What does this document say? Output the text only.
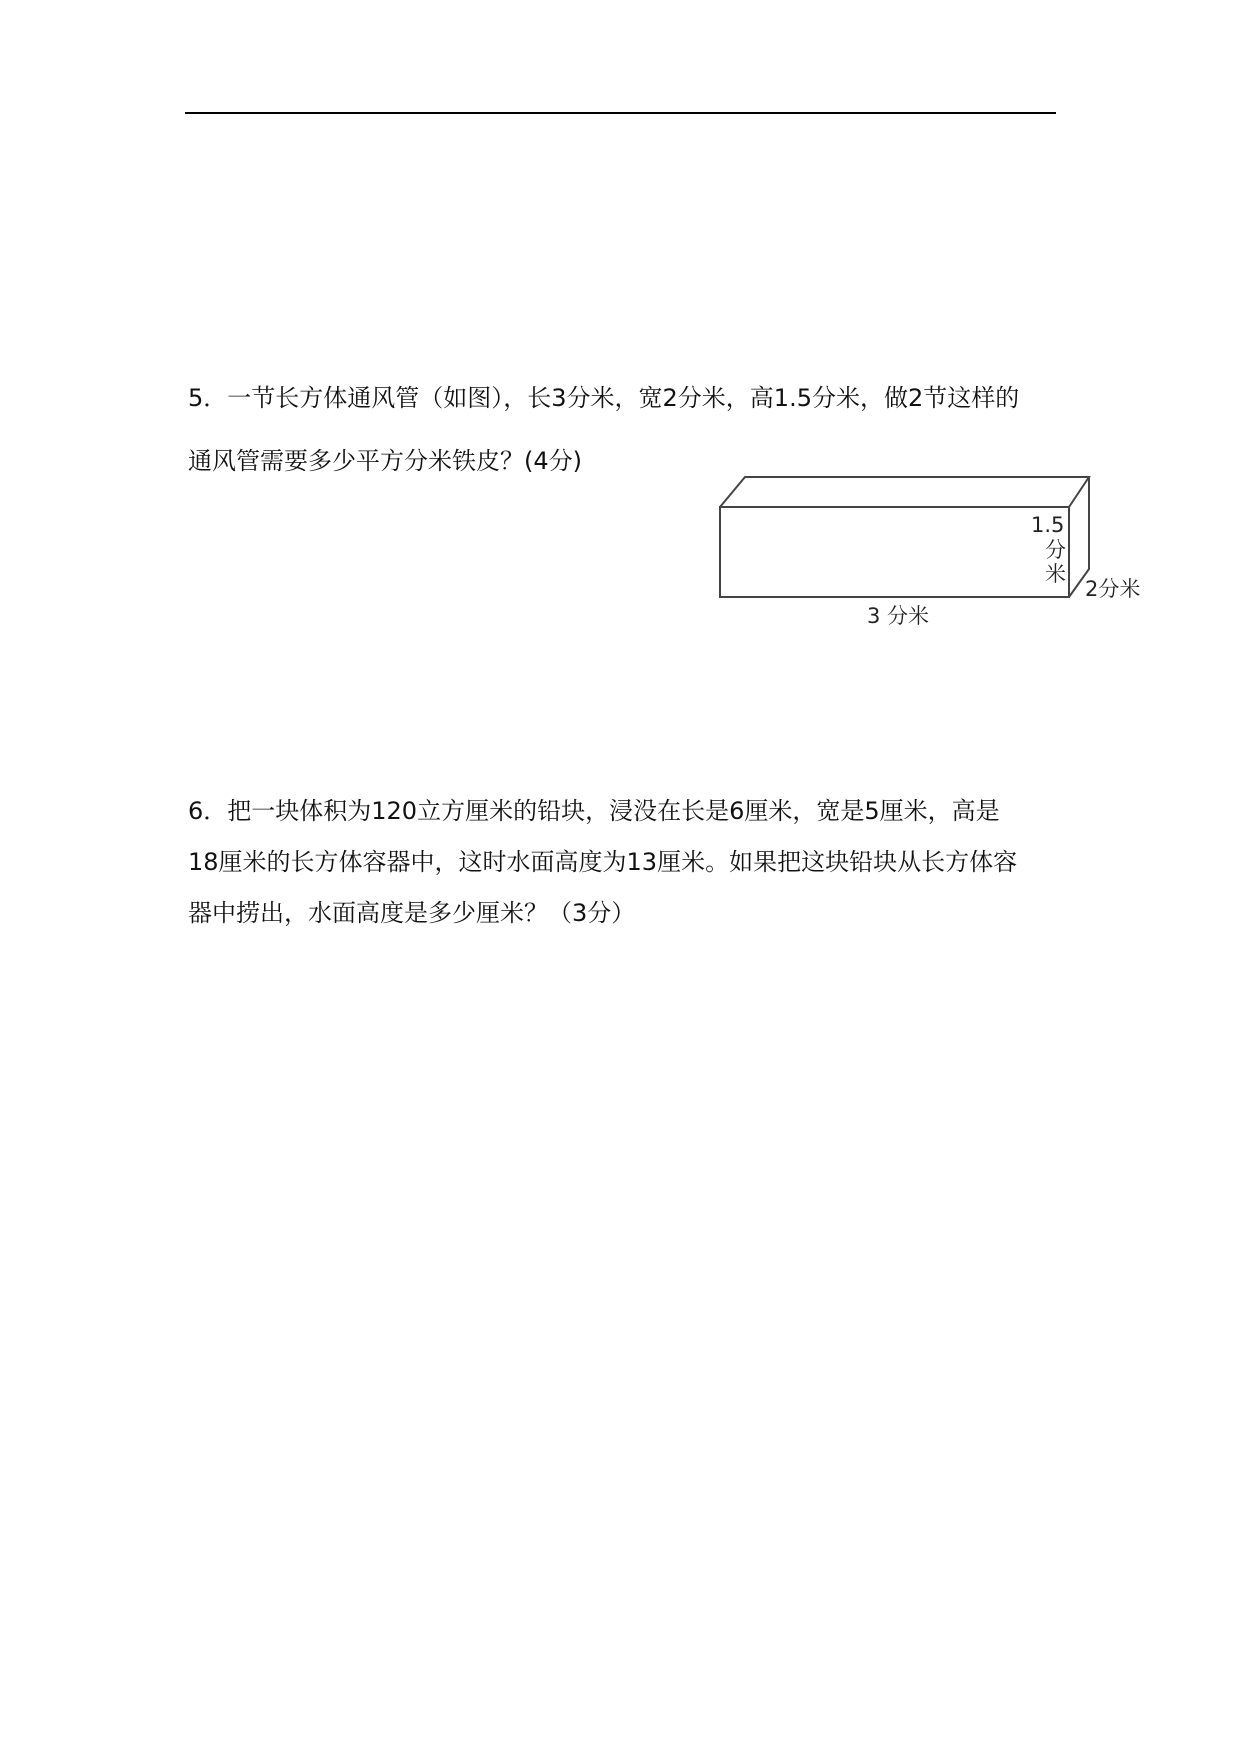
5．一节长方体通风管（如图），长3分米，宽2分米，高1.5分米，做2节这样的
通风管需要多少平方分米铁皮？(4分)
1.5
分
米
2分米
3 分米
6．把一块体积为120立方厘米的铅块，浸没在长是6厘米，宽是5厘米，高是
18厘米的长方体容器中，这时水面高度为13厘米。如果把这块铅块从长方体容
器中捞出，水面高度是多少厘米？（3分）
